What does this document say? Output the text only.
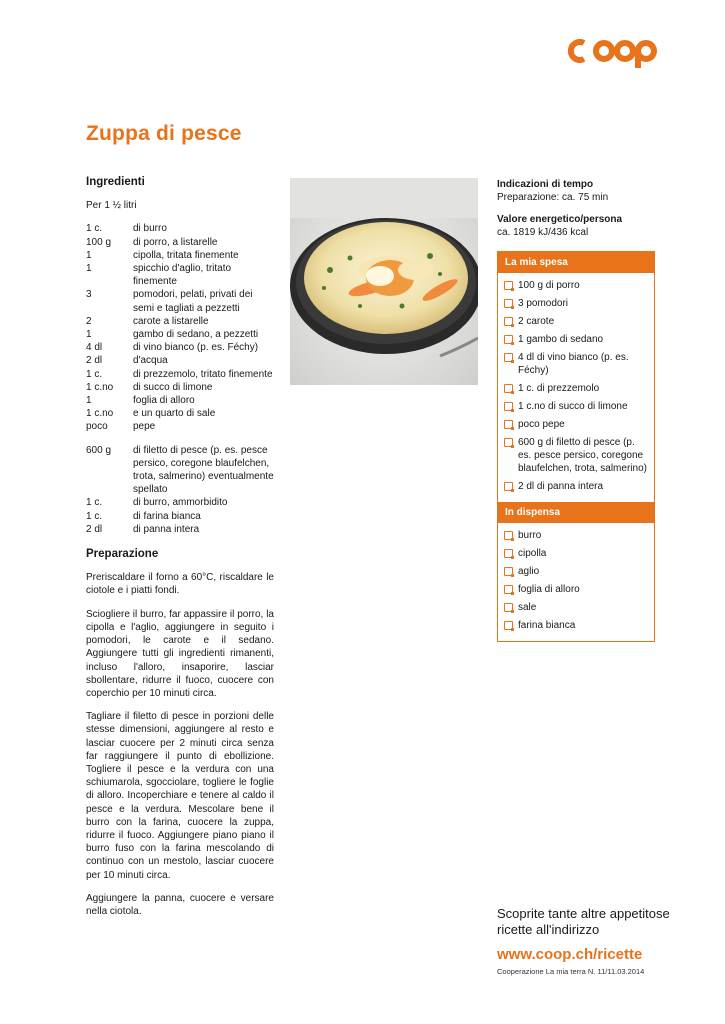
Zuppa di pesce
Ingredienti
Per 1 ½ litri
1 c.	di burro
100 g	di porro, a listarelle
1	cipolla, tritata finemente
1	spicchio d'aglio, tritato finemente
3	pomodori, pelati, privati dei semi e tagliati a pezzetti
2	carote a listarelle
1	gambo di sedano, a pezzetti
4 dl	di vino bianco (p. es. Féchy)
2 dl	d'acqua
1 c.	di prezzemolo, tritato finemente
1 c.no	di succo di limone
1	foglia di alloro
1 c.no	e un quarto di sale
poco	pepe
600 g	di filetto di pesce (p. es. pesce persico, coregone blaufelchen, trota, salmerino) eventualmente spellato
1 c.	di burro, ammorbidito
1 c.	di farina bianca
2 dl	di panna intera
Preparazione

Preriscaldare il forno a 60°C, riscaldare le ciotole e i piatti fondi.

Sciogliere il burro, far appassire il porro, la cipolla e l'aglio, aggiungere in seguito i pomodori, le carote e il sedano. Aggiungere tutti gli ingredienti rimanenti, incluso l'alloro, insaporire, lasciar sbollentare, ridurre il fuoco, cuocere con coperchio per 10 minuti circa.

Tagliare il filetto di pesce in porzioni delle stesse dimensioni, aggiungere al resto e lasciar cuocere per 2 minuti circa senza far raggiungere il punto di ebollizione. Togliere il pesce e la verdura con una schiumarola, sgocciolare, togliere le foglie di alloro. Incoperchiare e tenere al caldo il pesce e la verdura. Mescolare bene il burro con la farina, cuocere la zuppa, ridurre il fuoco. Aggiungere piano piano il burro fuso con la farina mescolando di continuo con un mestolo, lasciar cuocere per 10 minuti circa.

Aggiungere la panna, cuocere e versare nella ciotola.

Indicazioni di tempo
Preparazione: ca. 75 min
Valore energetico/persona
ca. 1819 kJ/436 kcal
La mia spesa
100 g di porro
3 pomodori
2 carote
1 gambo di sedano
4 dl di vino bianco (p. es. Féchy)
1 c. di prezzemolo
1 c.no di succo di limone
poco pepe
600 g di filetto di pesce (p. es. pesce persico, coregone blaufelchen, trota, salmerino)
2 dl di panna intera
In dispensa
burro
cipolla
aglio
foglia di alloro
sale
farina bianca
Scoprite tante altre appetitose ricette all'indirizzo
www.coop.ch/ricette
Cooperazione La mia terra N. 11/11.03.2014
